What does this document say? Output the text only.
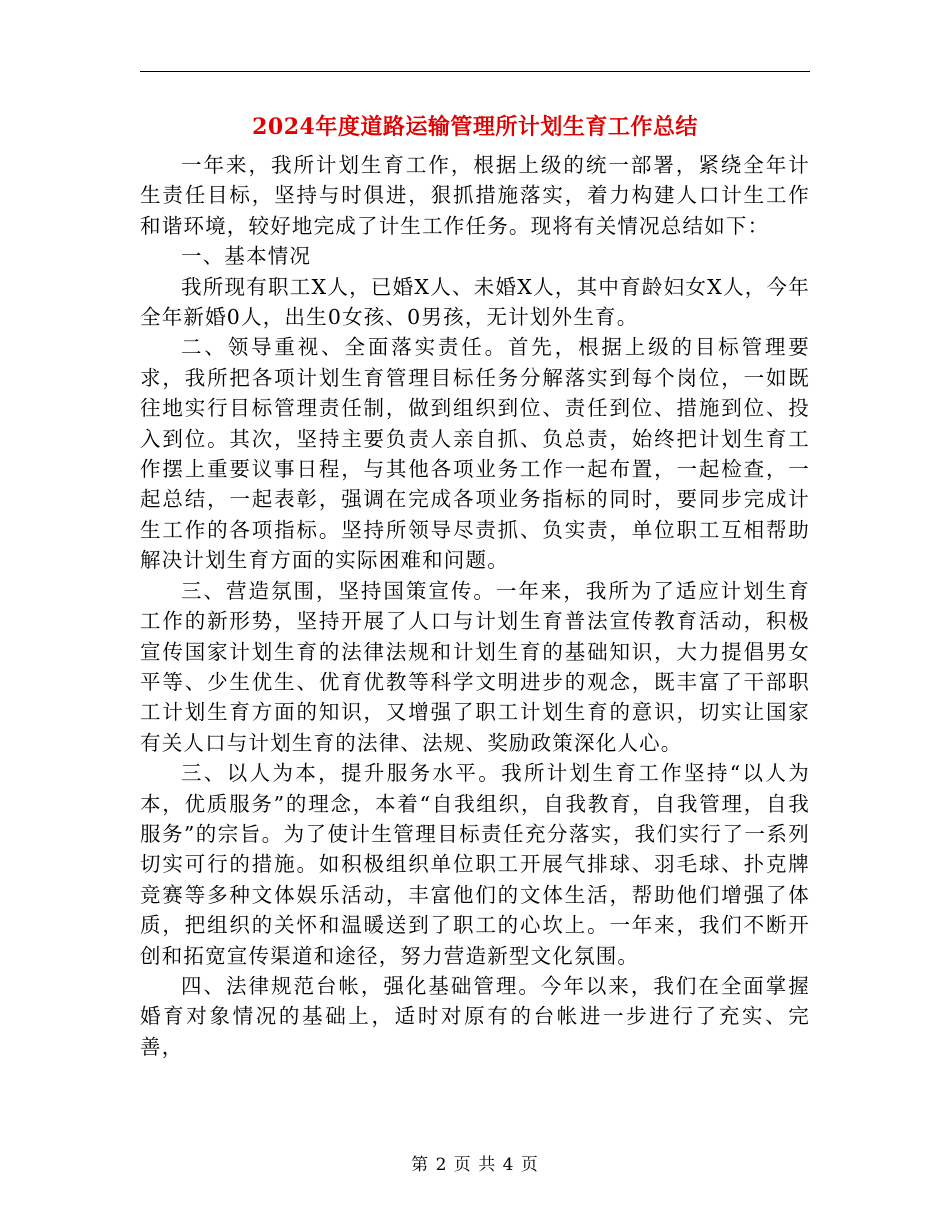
2024年度道路运输管理所计划生育工作总结

一年来，我所计划生育工作，根据上级的统一部署，紧绕全年计生责任目标，坚持与时俱进，狠抓措施落实，着力构建人口计生工作和谐环境，较好地完成了计生工作任务。现将有关情况总结如下：

一、基本情况

我所现有职工X人，已婚X人、未婚X人，其中育龄妇女X人，今年全年新婚0人，出生0女孩、0男孩，无计划外生育。

二、领导重视、全面落实责任。首先，根据上级的目标管理要求，我所把各项计划生育管理目标任务分解落实到每个岗位，一如既往地实行目标管理责任制，做到组织到位、责任到位、措施到位、投入到位。其次，坚持主要负责人亲自抓、负总责，始终把计划生育工作摆上重要议事日程，与其他各项业务工作一起布置，一起检查，一起总结，一起表彰，强调在完成各项业务指标的同时，要同步完成计生工作的各项指标。坚持所领导尽责抓、负实责，单位职工互相帮助解决计划生育方面的实际困难和问题。

三、营造氛围，坚持国策宣传。一年来，我所为了适应计划生育工作的新形势，坚持开展了人口与计划生育普法宣传教育活动，积极宣传国家计划生育的法律法规和计划生育的基础知识，大力提倡男女平等、少生优生、优育优教等科学文明进步的观念，既丰富了干部职工计划生育方面的知识，又增强了职工计划生育的意识，切实让国家有关人口与计划生育的法律、法规、奖励政策深化人心。

三、以人为本，提升服务水平。我所计划生育工作坚持“以人为本，优质服务”的理念，本着“自我组织，自我教育，自我管理，自我服务”的宗旨。为了使计生管理目标责任充分落实，我们实行了一系列切实可行的措施。如积极组织单位职工开展气排球、羽毛球、扑克牌竞赛等多种文体娱乐活动，丰富他们的文体生活，帮助他们增强了体质，把组织的关怀和温暖送到了职工的心坎上。一年来，我们不断开创和拓宽宣传渠道和途径，努力营造新型文化氛围。

四、法律规范台帐，强化基础管理。今年以来，我们在全面掌握婚育对象情况的基础上，适时对原有的台帐进一步进行了充实、完善，

第 2 页 共 4 页
